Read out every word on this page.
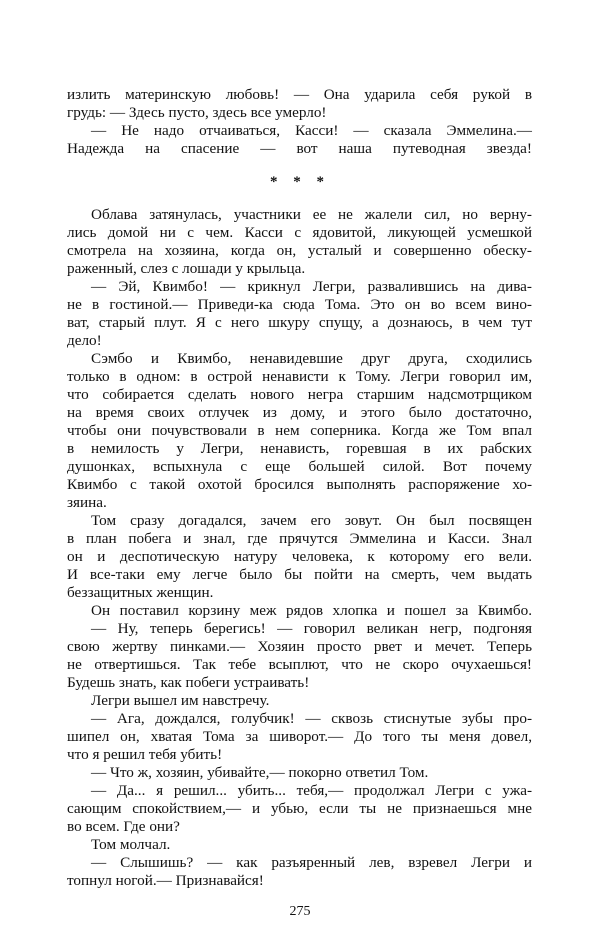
излить материнскую любовь! — Она ударила себя рукой в
грудь: — Здесь пусто, здесь все умерло!
— Не надо отчаиваться, Касси! — сказала Эммелина.—
Надежда на спасение — вот наша путеводная звезда!
* * *
Облава затянулась, участники ее не жалели сил, но верну-
лись домой ни с чем. Касси с ядовитой, ликующей усмешкой
смотрела на хозяина, когда он, усталый и совершенно обеску-
раженный, слез с лошади у крыльца.
— Эй, Квимбо! — крикнул Легри, развалившись на дива-
не в гостиной.— Приведи-ка сюда Тома. Это он во всем вино-
ват, старый плут. Я с него шкуру спущу, а дознаюсь, в чем тут
дело!
Сэмбо и Квимбо, ненавидевшие друг друга, сходились
только в одном: в острой ненависти к Тому. Легри говорил им,
что собирается сделать нового негра старшим надсмотрщиком
на время своих отлучек из дому, и этого было достаточно,
чтобы они почувствовали в нем соперника. Когда же Том впал
в немилость у Легри, ненависть, горевшая в их рабских
душонках, вспыхнула с еще большей силой. Вот почему
Квимбо с такой охотой бросился выполнять распоряжение хо-
зяина.
Том сразу догадался, зачем его зовут. Он был посвящен
в план побега и знал, где прячутся Эммелина и Касси. Знал
он и деспотическую натуру человека, к которому его вели.
И все-таки ему легче было бы пойти на смерть, чем выдать
беззащитных женщин.
Он поставил корзину меж рядов хлопка и пошел за Квимбо.
— Ну, теперь берегись! — говорил великан негр, подгоняя
свою жертву пинками.— Хозяин просто рвет и мечет. Теперь
не отвертишься. Так тебе всыплют, что не скоро очухаешься!
Будешь знать, как побеги устраивать!
Легри вышел им навстречу.
— Ага, дождался, голубчик! — сквозь стиснутые зубы про-
шипел он, хватая Тома за шиворот.— До того ты меня довел,
что я решил тебя убить!
— Что ж, хозяин, убивайте,— покорно ответил Том.
— Да... я решил... убить... тебя,— продолжал Легри с ужа-
сающим спокойствием,— и убью, если ты не признаешься мне
во всем. Где они?
Том молчал.
— Слышишь? — как разъяренный лев, взревел Легри и
топнул ногой.— Признавайся!
275
